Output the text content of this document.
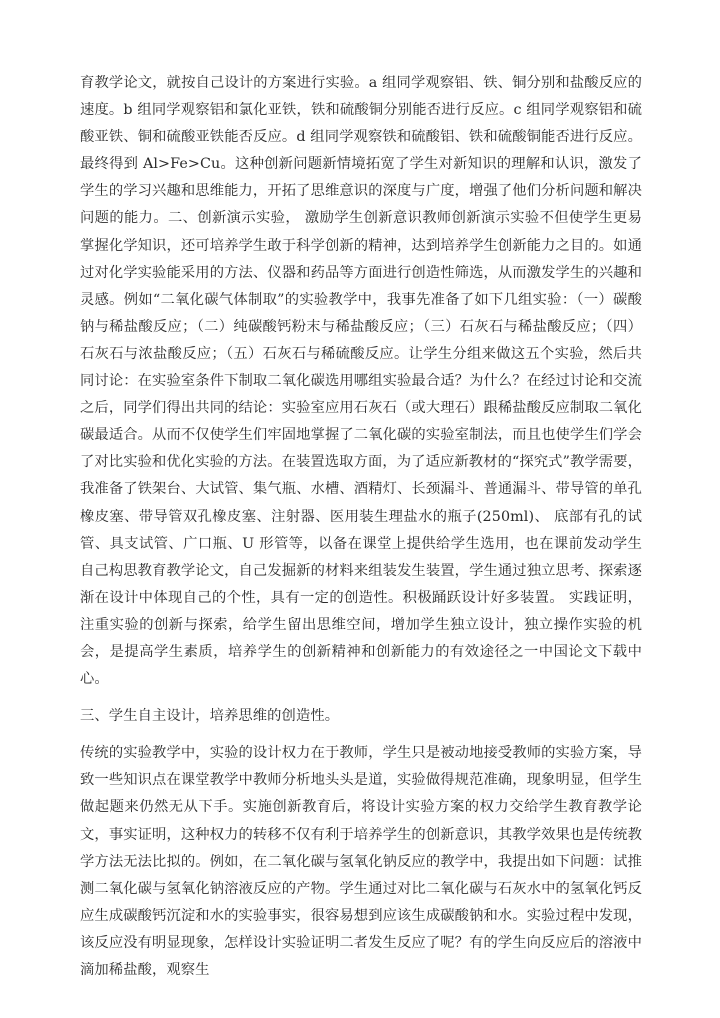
育教学论文，就按自己设计的方案进行实验。a 组同学观察铝、铁、铜分别和盐酸反应的速度。b 组同学观察铝和氯化亚铁，铁和硫酸铜分别能否进行反应。c 组同学观察铝和硫酸亚铁、铜和硫酸亚铁能否反应。d 组同学观察铁和硫酸铝、铁和硫酸铜能否进行反应。最终得到 Al>Fe>Cu。这种创新问题新情境拓宽了学生对新知识的理解和认识，激发了学生的学习兴趣和思维能力，开拓了思维意识的深度与广度，增强了他们分析问题和解决问题的能力。二、创新演示实验， 激励学生创新意识教师创新演示实验不但使学生更易掌握化学知识，还可培养学生敢于科学创新的精神，达到培养学生创新能力之目的。如通过对化学实验能采用的方法、仪器和药品等方面进行创造性筛选，从而激发学生的兴趣和灵感。例如“二氧化碳气体制取”的实验教学中，我事先准备了如下几组实验：（一）碳酸钠与稀盐酸反应；（二）纯碳酸钙粉末与稀盐酸反应；（三）石灰石与稀盐酸反应；（四）石灰石与浓盐酸反应；（五）石灰石与稀硫酸反应。让学生分组来做这五个实验，然后共同讨论：在实验室条件下制取二氧化碳选用哪组实验最合适？为什么？在经过讨论和交流之后，同学们得出共同的结论：实验室应用石灰石（或大理石）跟稀盐酸反应制取二氧化碳最适合。从而不仅使学生们牢固地掌握了二氧化碳的实验室制法，而且也使学生们学会了对比实验和优化实验的方法。在装置选取方面，为了适应新教材的“探究式”教学需要，我准备了铁架台、大试管、集气瓶、水槽、酒精灯、长颈漏斗、普通漏斗、带导管的单孔橡皮塞、带导管双孔橡皮塞、注射器、医用装生理盐水的瓶子(250ml)、 底部有孔的试管、具支试管、广口瓶、U 形管等，以备在课堂上提供给学生选用，也在课前发动学生自己构思教育教学论文，自己发掘新的材料来组装发生装置，学生通过独立思考、探索逐渐在设计中体现自己的个性，具有一定的创造性。积极踊跃设计好多装置。 实践证明，注重实验的创新与探索，给学生留出思维空间，增加学生独立设计，独立操作实验的机会，是提高学生素质，培养学生的创新精神和创新能力的有效途径之一中国论文下载中心。

三、学生自主设计，培养思维的创造性。

传统的实验教学中，实验的设计权力在于教师，学生只是被动地接受教师的实验方案，导致一些知识点在课堂教学中教师分析地头头是道，实验做得规范准确，现象明显，但学生做起题来仍然无从下手。实施创新教育后，将设计实验方案的权力交给学生教育教学论文，事实证明，这种权力的转移不仅有利于培养学生的创新意识，其教学效果也是传统教学方法无法比拟的。例如，在二氧化碳与氢氧化钠反应的教学中，我提出如下问题：试推测二氧化碳与氢氧化钠溶液反应的产物。学生通过对比二氧化碳与石灰水中的氢氧化钙反应生成碳酸钙沉淀和水的实验事实，很容易想到应该生成碳酸钠和水。实验过程中发现，该反应没有明显现象，怎样设计实验证明二者发生反应了呢？有的学生向反应后的溶液中滴加稀盐酸，观察生
